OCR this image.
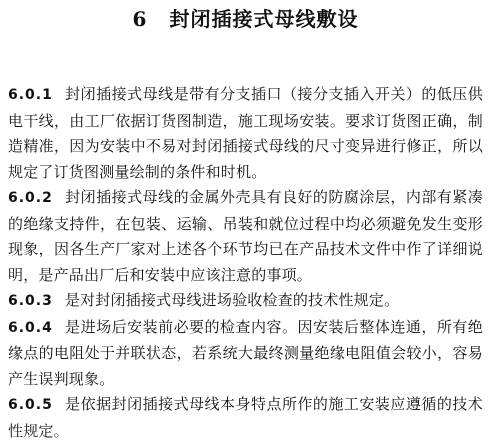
6 封闭插接式母线敷设

6.0.1 封闭插接式母线是带有分支插口（接分支插入开关）的低压供电干线，由工厂依据订货图制造，施工现场安装。要求订货图正确，制造精准，因为安装中不易对封闭插接式母线的尺寸变异进行修正，所以规定了订货图测量绘制的条件和时机。

6.0.2 封闭插接式母线的金属外壳具有良好的防腐涂层，内部有紧凑的绝缘支持件，在包装、运输、吊装和就位过程中均必须避免发生变形现象，因各生产厂家对上述各个环节均已在产品技术文件中作了详细说明，是产品出厂后和安装中应该注意的事项。

6.0.3 是对封闭插接式母线进场验收检查的技术性规定。

6.0.4 是进场后安装前必要的检查内容。因安装后整体连通，所有绝缘点的电阻处于并联状态，若系统大最终测量绝缘电阻值会较小，容易产生误判现象。

6.0.5 是依据封闭插接式母线本身特点所作的施工安装应遵循的技术性规定。
